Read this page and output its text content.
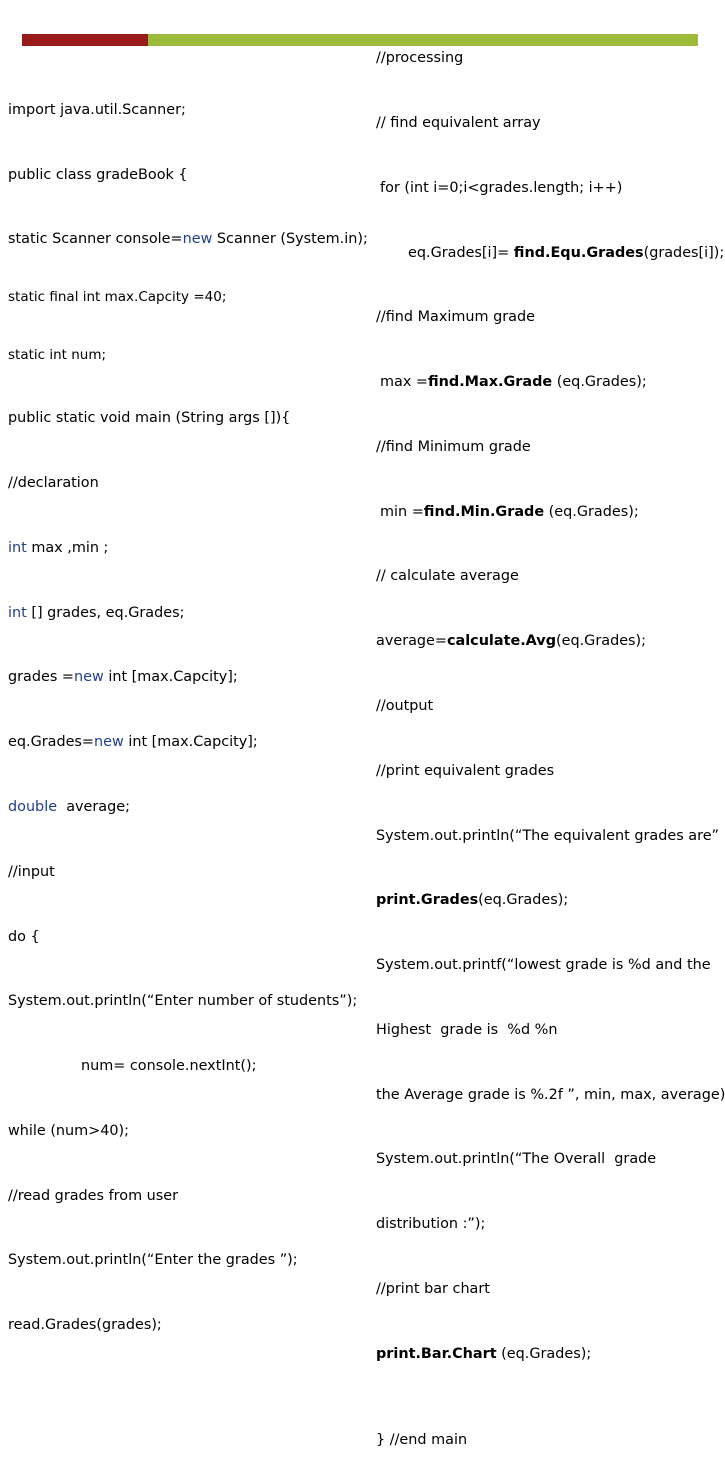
import java.util.Scanner;

public class gradeBook {

static Scanner console=new Scanner (System.in);

static final int max.Capcity =40;

static int num;

public static void main (String args []){

//declaration

int max ,min ;

int [] grades, eq.Grades;

grades =new int [max.Capcity];

eq.Grades=new int [max.Capcity];

double  average;

//input

do {

System.out.println(“Enter number of students”);

num= console.nextInt();

while (num>40);

//read grades from user

System.out.println(“Enter the grades ”);

read.Grades(grades);

//processing

// find equivalent array

for (int i=0;i<grades.length; i++)

eq.Grades[i]= find.Equ.Grades(grades[i]);

//find Maximum grade

max =find.Max.Grade (eq.Grades);

//find Minimum grade

min =find.Min.Grade (eq.Grades);

// calculate average

average=calculate.Avg(eq.Grades);

//output

//print equivalent grades

System.out.println(“The equivalent grades are”

print.Grades(eq.Grades);

System.out.printf(“lowest grade is %d and the

Highest  grade is  %d %n

the Average grade is %.2f ”, min, max, average)

System.out.println(“The Overall  grade

distribution :”);

//print bar chart

print.Bar.Chart (eq.Grades);

} //end main
